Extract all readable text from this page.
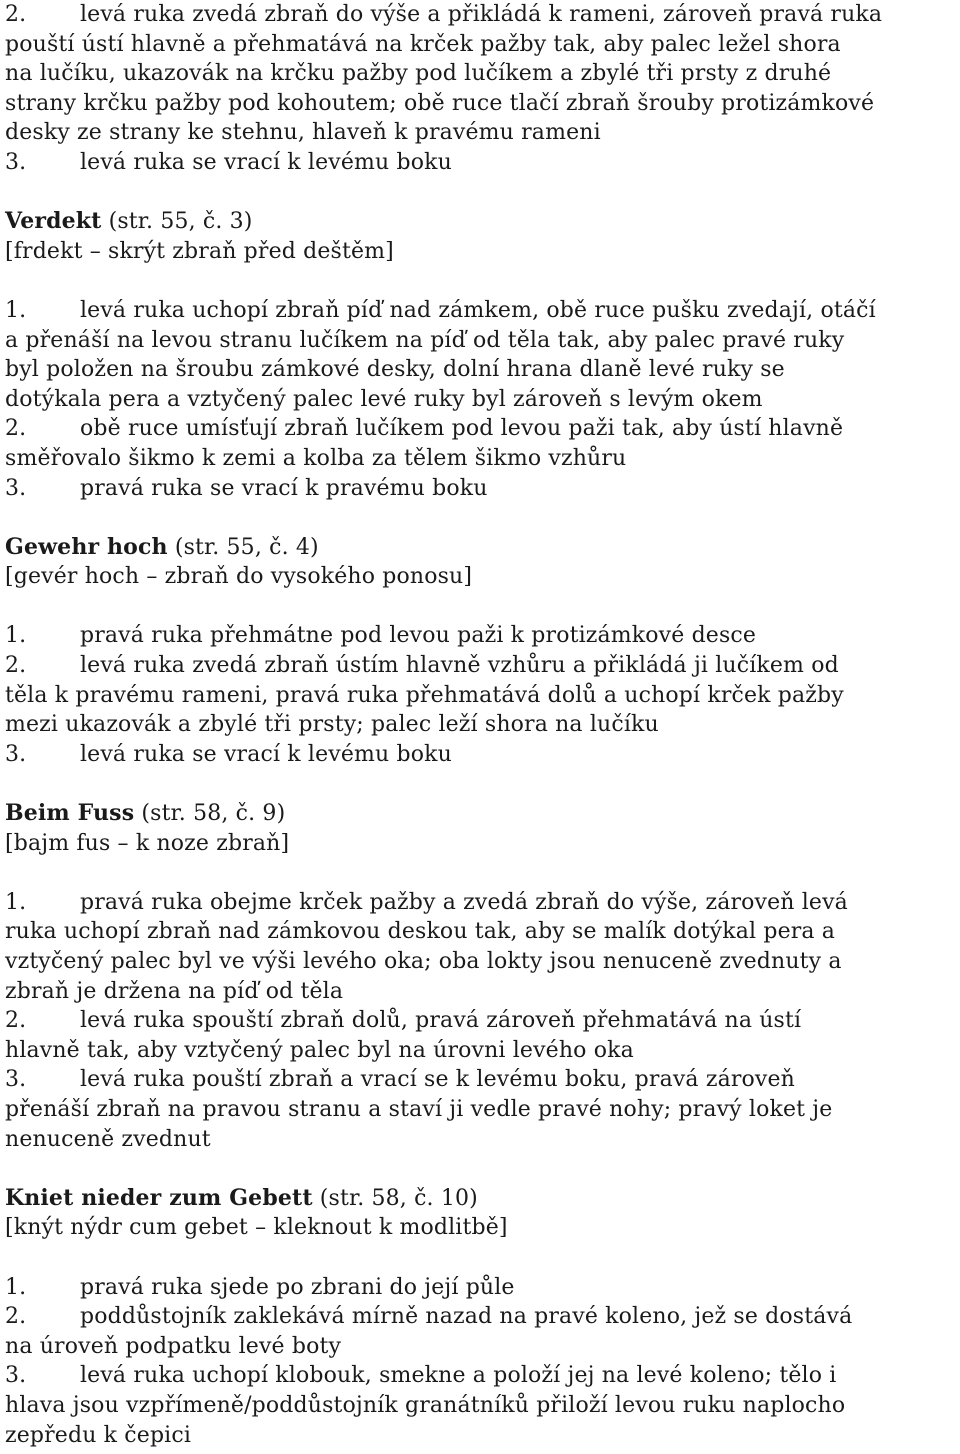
2. levá ruka zvedá zbraň do výše a přikládá k rameni, zároveň pravá ruka
pouští ústí hlavně a přehmatává na krček pažby tak, aby palec ležel shora
na lučíku, ukazovák na krčku pažby pod lučíkem a zbylé tři prsty z druhé
strany krčku pažby pod kohoutem; obě ruce tlačí zbraň šrouby protizámkové
desky ze strany ke stehnu, hlaveň k pravému rameni
3. levá ruka se vrací k levému boku
Verdekt (str. 55, č. 3)
[frdekt – skrýt zbraň před deštěm]
1. levá ruka uchopí zbraň píď nad zámkem, obě ruce pušku zvedají, otáčí
a přenáší na levou stranu lučíkem na píď od těla tak, aby palec pravé ruky
byl položen na šroubu zámkové desky, dolní hrana dlaně levé ruky se
dotýkala pera a vztyčený palec levé ruky byl zároveň s levým okem
2. obě ruce umísťují zbraň lučíkem pod levou paži tak, aby ústí hlavně
směřovalo šikmo k zemi a kolba za tělem šikmo vzhůru
3. pravá ruka se vrací k pravému boku
Gewehr hoch (str. 55, č. 4)
[gevér hoch – zbraň do vysokého ponosu]
1. pravá ruka přehmátne pod levou paži k protizámkové desce
2. levá ruka zvedá zbraň ústím hlavně vzhůru a přikládá ji lučíkem od
těla k pravému rameni, pravá ruka přehmatává dolů a uchopí krček pažby
mezi ukazovák a zbylé tři prsty; palec leží shora na lučíku
3. levá ruka se vrací k levému boku
Beim Fuss (str. 58, č. 9)
[bajm fus – k noze zbraň]
1. pravá ruka obejme krček pažby a zvedá zbraň do výše, zároveň levá
ruka uchopí zbraň nad zámkovou deskou tak, aby se malík dotýkal pera a
vztyčený palec byl ve výši levého oka; oba lokty jsou nenuceně zvednuty a
zbraň je držena na píď od těla
2. levá ruka spouští zbraň dolů, pravá zároveň přehmatává na ústí
hlavně tak, aby vztyčený palec byl na úrovni levého oka
3. levá ruka pouští zbraň a vrací se k levému boku, pravá zároveň
přenáší zbraň na pravou stranu a staví ji vedle pravé nohy; pravý loket je
nenuceně zvednut
Kniet nieder zum Gebett (str. 58, č. 10)
[knýt nýdr cum gebet – kleknout k modlitbě]
1. pravá ruka sjede po zbrani do její půle
2. poddůstojník zaklekává mírně nazad na pravé koleno, jež se dostává
na úroveň podpatku levé boty
3. levá ruka uchopí klobouk, smekne a položí jej na levé koleno; tělo i
hlava jsou vzpřímeně/poddůstojník granátníků přiloží levou ruku naplocho
zepředu k čepici
